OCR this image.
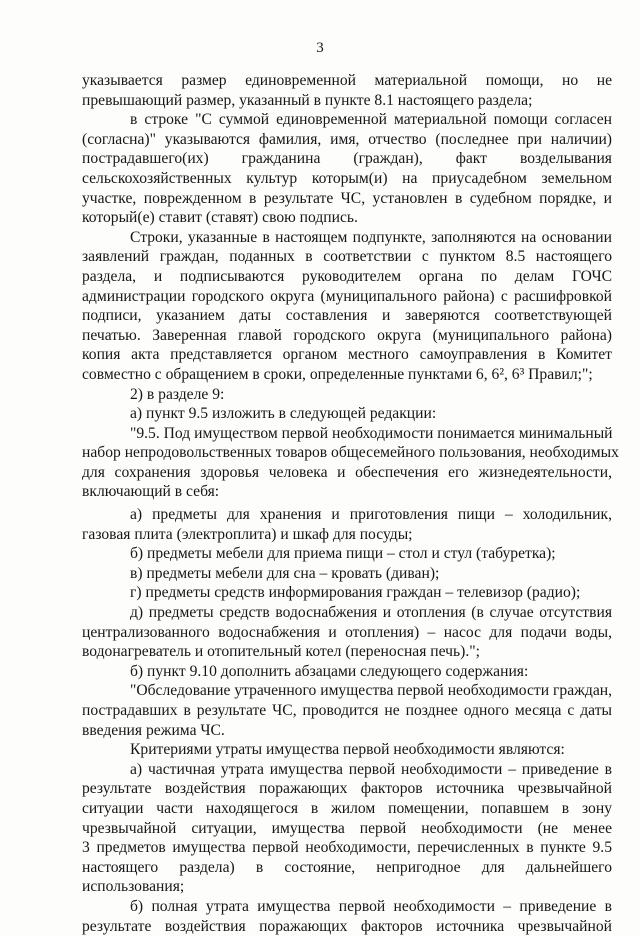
3
указывается размер единовременной материальной помощи, но не
превышающий размер, указанный в пункте 8.1 настоящего раздела;
в строке "С суммой единовременной материальной помощи согласен
(согласна)" указываются фамилия, имя, отчество (последнее при наличии)
пострадавшего(их) гражданина (граждан), факт возделывания
сельскохозяйственных культур которым(и) на приусадебном земельном
участке, поврежденном в результате ЧС, установлен в судебном порядке, и
который(е) ставит (ставят) свою подпись.
Строки, указанные в настоящем подпункте, заполняются на основании
заявлений граждан, поданных в соответствии с пунктом 8.5 настоящего
раздела, и подписываются руководителем органа по делам ГОЧС
администрации городского округа (муниципального района) с расшифровкой
подписи, указанием даты составления и заверяются соответствующей
печатью. Заверенная главой городского округа (муниципального района)
копия акта представляется органом местного самоуправления в Комитет
совместно с обращением в сроки, определенные пунктами 6, 6², 6³ Правил;";
2) в разделе 9:
а) пункт 9.5 изложить в следующей редакции:
"9.5. Под имуществом первой необходимости понимается минимальный
набор непродовольственных товаров общесемейного пользования, необходимых
для сохранения здоровья человека и обеспечения его жизнедеятельности,
включающий в себя:
а) предметы для хранения и приготовления пищи – холодильник,
газовая плита (электроплита) и шкаф для посуды;
б) предметы мебели для приема пищи – стол и стул (табуретка);
в) предметы мебели для сна – кровать (диван);
г) предметы средств информирования граждан – телевизор (радио);
д) предметы средств водоснабжения и отопления (в случае отсутствия
централизованного водоснабжения и отопления) – насос для подачи воды,
водонагреватель и отопительный котел (переносная печь).";
б) пункт 9.10 дополнить абзацами следующего содержания:
"Обследование утраченного имущества первой необходимости граждан,
пострадавших в результате ЧС, проводится не позднее одного месяца с даты
введения режима ЧС.
Критериями утраты имущества первой необходимости являются:
а) частичная утрата имущества первой необходимости – приведение в
результате воздействия поражающих факторов источника чрезвычайной
ситуации части находящегося в жилом помещении, попавшем в зону
чрезвычайной ситуации, имущества первой необходимости (не менее
3 предметов имущества первой необходимости, перечисленных в пункте 9.5
настоящего раздела) в состояние, непригодное для дальнейшего
использования;
б) полная утрата имущества первой необходимости – приведение в
результате воздействия поражающих факторов источника чрезвычайной
